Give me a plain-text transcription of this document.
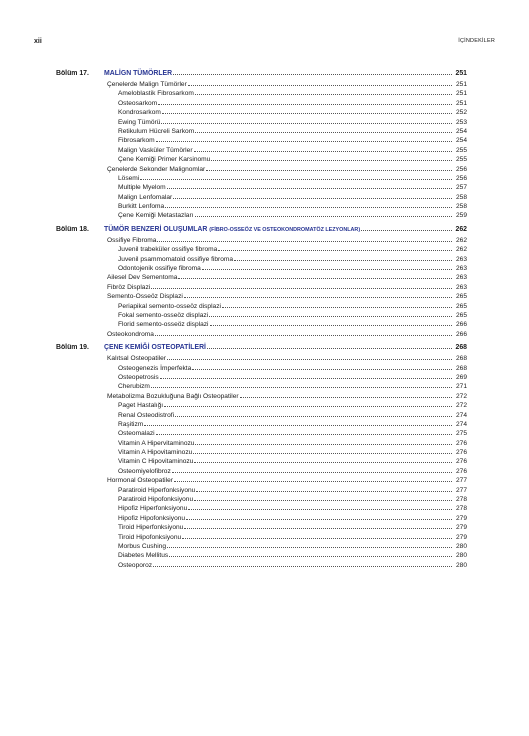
xii	İÇİNDEKİLER
Bölüm 17.	MALİGN TÜMÖRLER	251
Çenelerde Malign Tümörler	251
Ameloblastik Fibrosarkom	251
Osteosarkom	251
Kondrosarkom	252
Ewing Tümörü	253
Retikulum Hücreli Sarkom	254
Fibrosarkom	254
Malign Vasküler Tümörler	255
Çene Kemiği Primer Karsinomu	255
Çenelerde Sekonder Malignomlar	256
Lösemi	256
Multiple Myelom	257
Malign Lenfomalar	258
Burkitt Lenfoma	258
Çene Kemiği Metastazları	259
Bölüm 18.	TÜMÖR BENZERİ OLUŞUMLAR (FİBRO-OSSEÖZ VE OSTEOKONDROMATÖZ LEZYONLAR)	262
Ossifiye Fibroma	262
Juvenil trabeküler ossifiye fibroma	262
Juvenil psammomatoid ossifiye fibroma	263
Odontojenik ossifiye fibroma	263
Ailesel Dev Sementoma	263
Fibröz Displazi	263
Semento-Osseöz Displazi	265
Periapikal semento-osseöz displazi	265
Fokal semento-osseöz displazi	265
Florid semento-osseöz displazi	266
Osteokondroma	266
Bölüm 19.	ÇENE KEMİĞİ OSTEOPATİLERİ	268
Kalıtsal Osteopatiler	268
Osteogenezis İmperfekta	268
Osteopetrosis	269
Cherubizm	271
Metabolizma Bozukluğuna Bağlı Osteopatiler	272
Paget Hastalığı	272
Renal Osteodistrofi	274
Raşitizm	274
Osteomalazi	275
Vitamin A Hipervitaminozu	276
Vitamin A Hipovitaminozu	276
Vitamin C Hipovitaminozu	276
Osteomiyelofibroz	276
Hormonal Osteopatiler	277
Paratiroid Hiperfonksiyonu	277
Paratiroid Hipofonksiyonu	278
Hipofiz Hiperfonksiyonu	278
Hipofiz Hipofonksiyonu	279
Tiroid Hiperfonksiyonu	279
Tiroid Hipofonksiyonu	279
Morbus Cushing	280
Diabetes Mellitus	280
Osteoporoz	280
